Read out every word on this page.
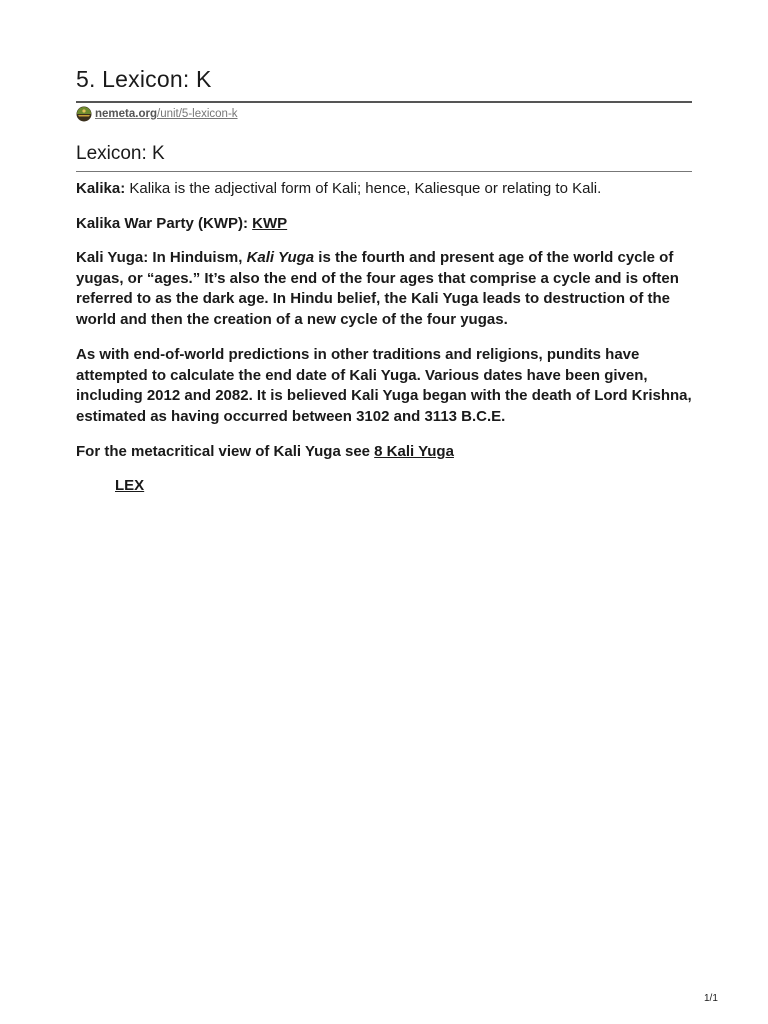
5. Lexicon: K
nemeta.org/unit/5-lexicon-k
Lexicon: K

Kalika: Kalika is the adjectival form of Kali; hence, Kaliesque or relating to Kali.

Kalika War Party (KWP): KWP

Kali Yuga: In Hinduism, Kali Yuga is the fourth and present age of the world cycle of yugas, or “ages.” It’s also the end of the four ages that comprise a cycle and is often referred to as the dark age. In Hindu belief, the Kali Yuga leads to destruction of the world and then the creation of a new cycle of the four yugas.

As with end-of-world predictions in other traditions and religions, pundits have attempted to calculate the end date of Kali Yuga. Various dates have been given, including 2012 and 2082. It is believed Kali Yuga began with the death of Lord Krishna, estimated as having occurred between 3102 and 3113 B.C.E.

For the metacritical view of Kali Yuga see 8 Kali Yuga

LEX

1/1
